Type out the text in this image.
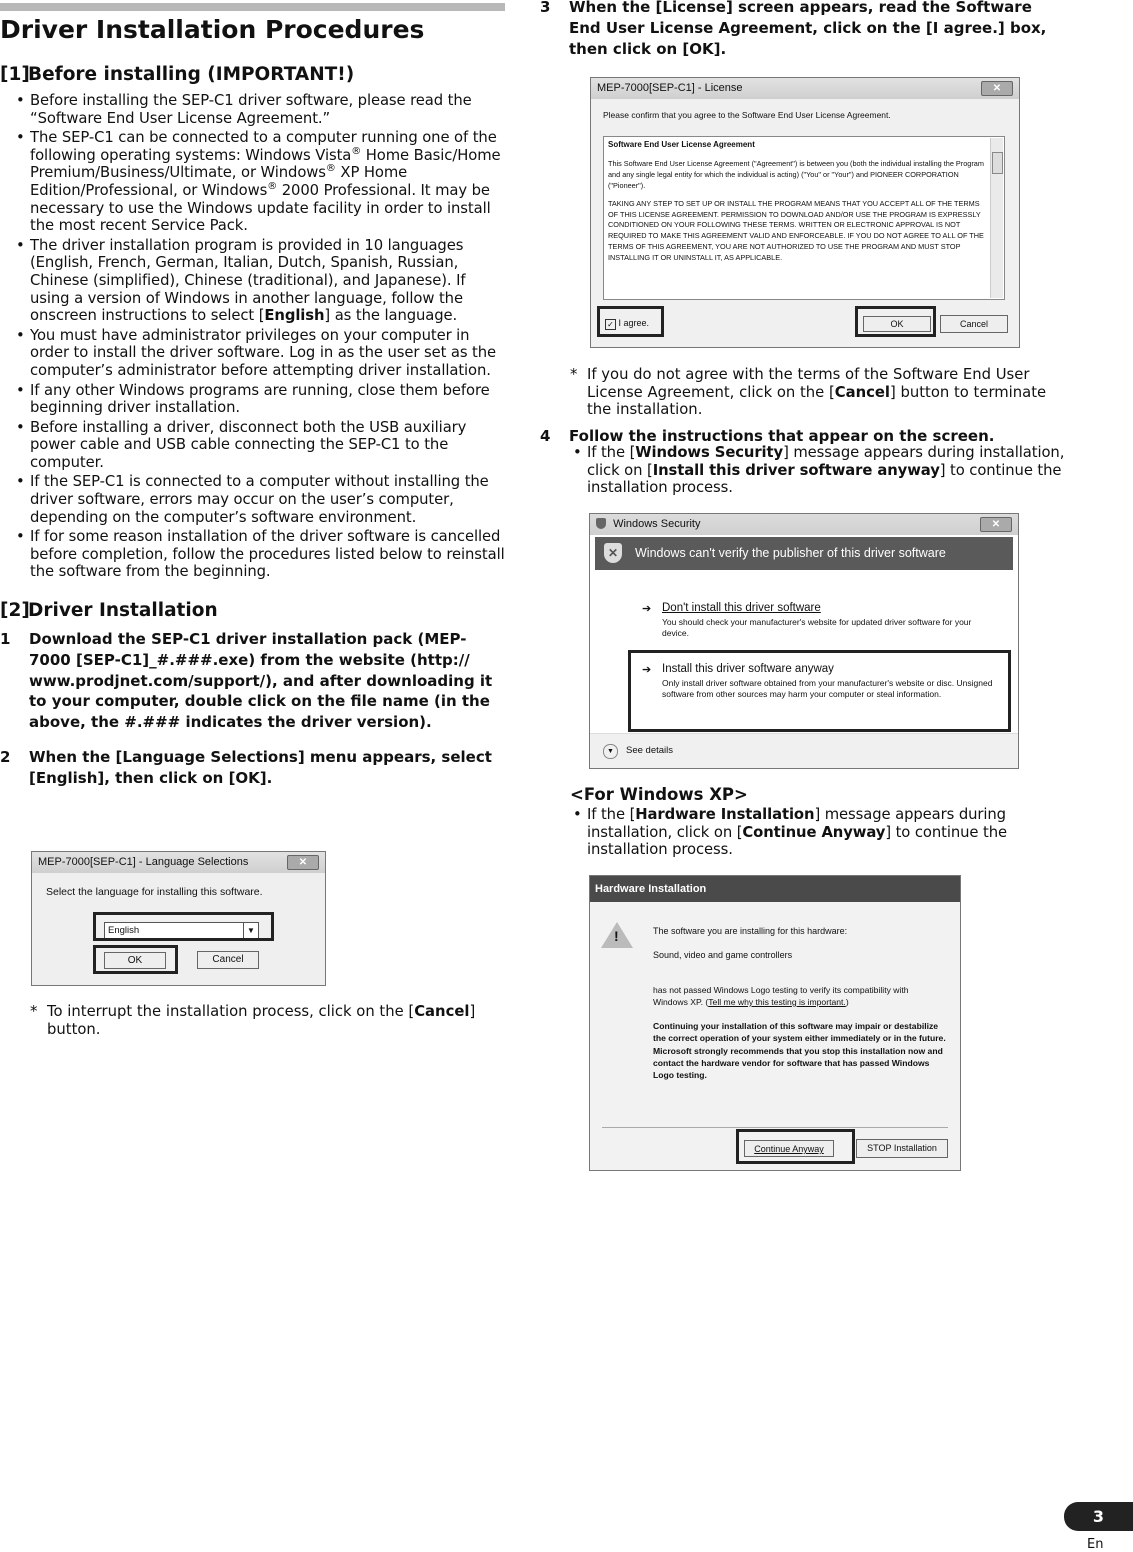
Driver Installation Procedures
[1]
Before installing (IMPORTANT!)
• Before installing the SEP-C1 driver software, please read the “Software End User License Agreement.”
• The SEP-C1 can be connected to a computer running one of the following operating systems: Windows Vista® Home Basic/Home Premium/Business/Ultimate, or Windows® XP Home Edition/Professional, or Windows® 2000 Professional. It may be necessary to use the Windows update facility in order to install the most recent Service Pack.
• The driver installation program is provided in 10 languages (English, French, German, Italian, Dutch, Spanish, Russian, Chinese (simplified), Chinese (traditional), and Japanese). If using a version of Windows in another language, follow the onscreen instructions to select [English] as the language.
• You must have administrator privileges on your computer in order to install the driver software. Log in as the user set as the computer’s administrator before attempting driver installation.
• If any other Windows programs are running, close them before beginning driver installation.
• Before installing a driver, disconnect both the USB auxiliary power cable and USB cable connecting the SEP-C1 to the computer.
• If the SEP-C1 is connected to a computer without installing the driver software, errors may occur on the user’s computer, depending on the computer’s software environment.
• If for some reason installation of the driver software is cancelled before completion, follow the procedures listed below to reinstall the software from the beginning.
[2]
Driver Installation
1	Download the SEP-C1 driver installation pack (MEP-7000 [SEP-C1]_#.###.exe) from the website (http:// www.prodjnet.com/support/), and after downloading it to your computer, double click on the file name (in the above, the #.### indicates the driver version).
2	When the [Language Selections] menu appears, select [English], then click on [OK].
MEP-7000[SEP-C1] - Language Selections	✕
Select the language for installing this software.
English	▼
OK	Cancel
* To interrupt the installation process, click on the [Cancel] button.
3	When the [License] screen appears, read the Software End User License Agreement, click on the [I agree.] box, then click on [OK].
MEP-7000[SEP-C1] - License	✕
Please confirm that you agree to the Software End User License Agreement.
Software End User License Agreement
This Software End User License Agreement ("Agreement") is between you (both the individual installing the Program and any single legal entity for which the individual is acting) ("You" or "Your") and PIONEER CORPORATION ("Pioneer").
TAKING ANY STEP TO SET UP OR INSTALL THE PROGRAM MEANS THAT YOU ACCEPT ALL OF THE TERMS OF THIS LICENSE AGREEMENT. PERMISSION TO DOWNLOAD AND/OR USE THE PROGRAM IS EXPRESSLY CONDITIONED ON YOUR FOLLOWING THESE TERMS. WRITTEN OR ELECTRONIC APPROVAL IS NOT REQUIRED TO MAKE THIS AGREEMENT VALID AND ENFORCEABLE. IF YOU DO NOT AGREE TO ALL OF THE TERMS OF THIS AGREEMENT, YOU ARE NOT AUTHORIZED TO USE THE PROGRAM AND MUST STOP INSTALLING IT OR UNINSTALL IT, AS APPLICABLE.
✓ I agree.	OK	Cancel
* If you do not agree with the terms of the Software End User License Agreement, click on the [Cancel] button to terminate the installation.
4	Follow the instructions that appear on the screen.
• If the [Windows Security] message appears during installation, click on [Install this driver software anyway] to continue the installation process.
Windows Security	✕
✕	Windows can't verify the publisher of this driver software
➔ Don't install this driver software
You should check your manufacturer's website for updated driver software for your device.
➔ Install this driver software anyway
Only install driver software obtained from your manufacturer's website or disc. Unsigned software from other sources may harm your computer or steal information.
▼	See details
<For Windows XP>
• If the [Hardware Installation] message appears during installation, click on [Continue Anyway] to continue the installation process.
Hardware Installation
!	The software you are installing for this hardware:
Sound, video and game controllers
has not passed Windows Logo testing to verify its compatibility with Windows XP. (Tell me why this testing is important.)
Continuing your installation of this software may impair or destabilize the correct operation of your system either immediately or in the future. Microsoft strongly recommends that you stop this installation now and contact the hardware vendor for software that has passed Windows Logo testing.
Continue Anyway	STOP Installation
3
En
